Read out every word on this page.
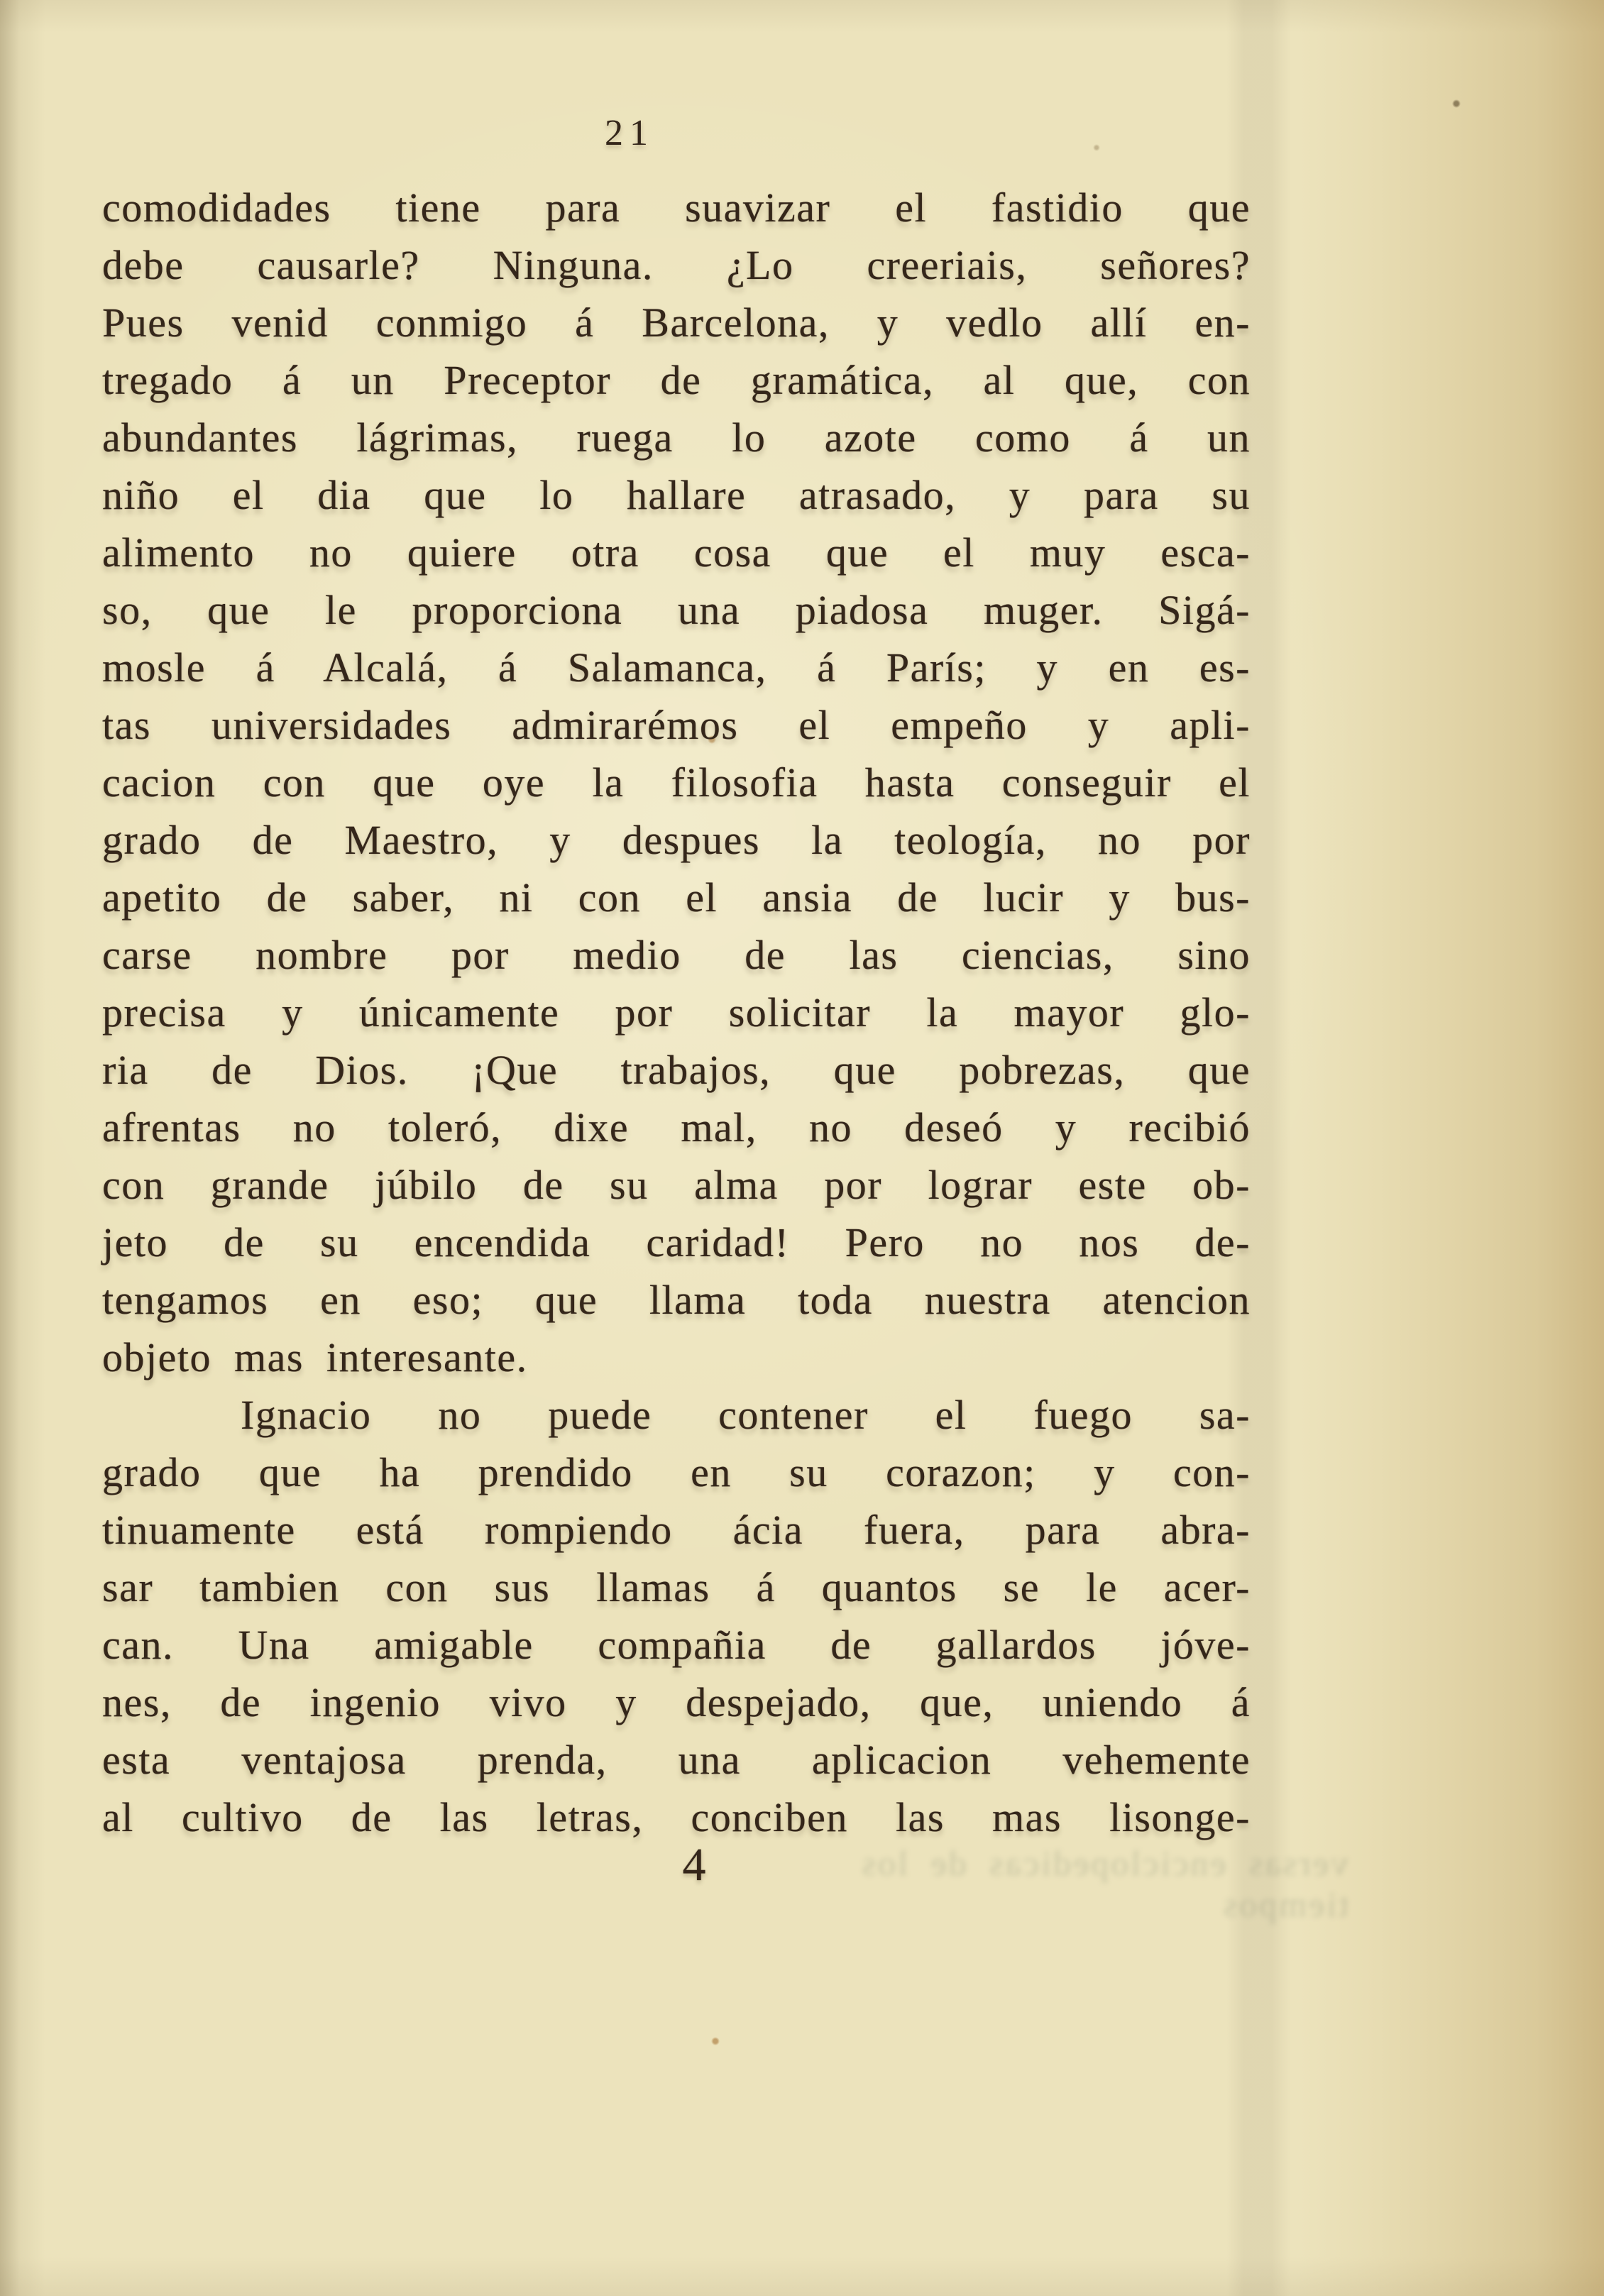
21
comodidades tiene para suavizar el fastidio que
debe causarle? Ninguna. ¿Lo creeriais, señores?
Pues venid conmigo á Barcelona, y vedlo allí en-
tregado á un Preceptor de gramática, al que, con
abundantes lágrimas, ruega lo azote como á un
niño el dia que lo hallare atrasado, y para su
alimento no quiere otra cosa que el muy esca-
so, que le proporciona una piadosa muger. Sigá-
mosle á Alcalá, á Salamanca, á París; y en es-
tas universidades admirarémos el empeño y apli-
cacion con que oye la filosofia hasta conseguir el
grado de Maestro, y despues la teología, no por
apetito de saber, ni con el ansia de lucir y bus-
carse nombre por medio de las ciencias, sino
precisa y únicamente por solicitar la mayor glo-
ria de Dios. ¡Que trabajos, que pobrezas, que
afrentas no toleró, dixe mal, no deseó y recibió
con grande júbilo de su alma por lograr este ob-
jeto de su encendida caridad! Pero no nos de-
tengamos en eso; que llama toda nuestra atencion
objeto mas interesante.
Ignacio no puede contener el fuego sa-
grado que ha prendido en su corazon; y con-
tinuamente está rompiendo ácia fuera, para abra-
sar tambien con sus llamas á quantos se le acer-
can. Una amigable compañia de gallardos jóve-
nes, de ingenio vivo y despejado, que, uniendo á
esta ventajosa prenda, una aplicacion vehemente
al cultivo de las letras, conciben las mas lisonge-
versas enciclopedicas de los tiempos
4
